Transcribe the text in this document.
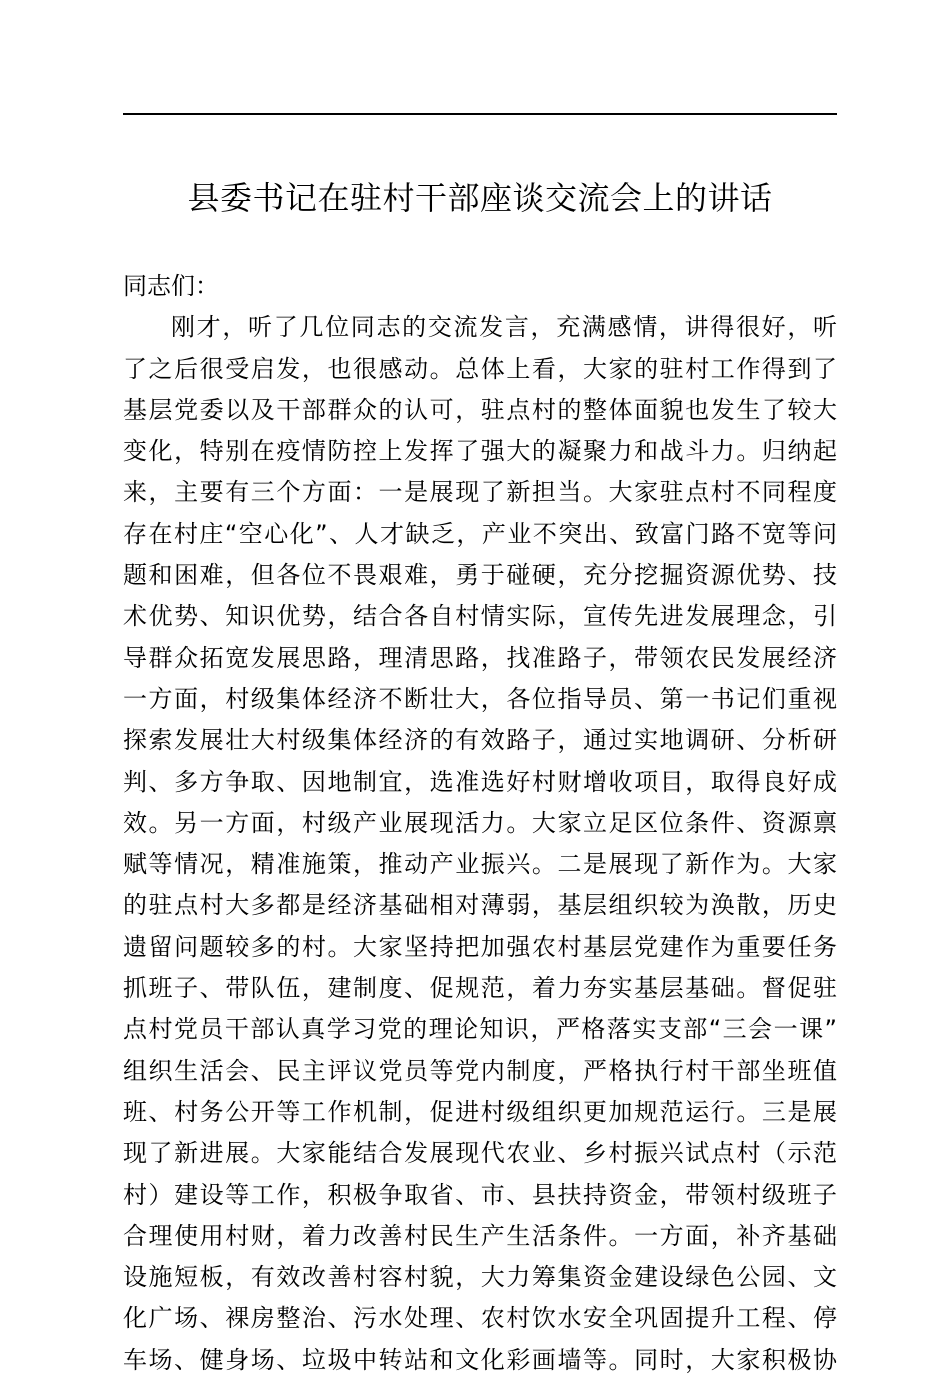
县委书记在驻村干部座谈交流会上的讲话
同志们：
刚才，听了几位同志的交流发言，充满感情，讲得很好，听
了之后很受启发，也很感动。总体上看，大家的驻村工作得到了
基层党委以及干部群众的认可，驻点村的整体面貌也发生了较大
变化，特别在疫情防控上发挥了强大的凝聚力和战斗力。归纳起
来，主要有三个方面：一是展现了新担当。大家驻点村不同程度
存在村庄“空心化”、人才缺乏，产业不突出、致富门路不宽等问
题和困难，但各位不畏艰难，勇于碰硬，充分挖掘资源优势、技
术优势、知识优势，结合各自村情实际，宣传先进发展理念，引
导群众拓宽发展思路，理清思路，找准路子，带领农民发展经济
一方面，村级集体经济不断壮大，各位指导员、第一书记们重视
探索发展壮大村级集体经济的有效路子，通过实地调研、分析研
判、多方争取、因地制宜，选准选好村财增收项目，取得良好成
效。另一方面，村级产业展现活力。大家立足区位条件、资源禀
赋等情况，精准施策，推动产业振兴。二是展现了新作为。大家
的驻点村大多都是经济基础相对薄弱，基层组织较为涣散，历史
遗留问题较多的村。大家坚持把加强农村基层党建作为重要任务
抓班子、带队伍，建制度、促规范，着力夯实基层基础。督促驻
点村党员干部认真学习党的理论知识，严格落实支部“三会一课”
组织生活会、民主评议党员等党内制度，严格执行村干部坐班值
班、村务公开等工作机制，促进村级组织更加规范运行。三是展
现了新进展。大家能结合发展现代农业、乡村振兴试点村（示范
村）建设等工作，积极争取省、市、县扶持资金，带领村级班子
合理使用村财，着力改善村民生产生活条件。一方面，补齐基础
设施短板，有效改善村容村貌，大力筹集资金建设绿色公园、文
化广场、裸房整治、污水处理、农村饮水安全巩固提升工程、停
车场、健身场、垃圾中转站和文化彩画墙等。同时，大家积极协
